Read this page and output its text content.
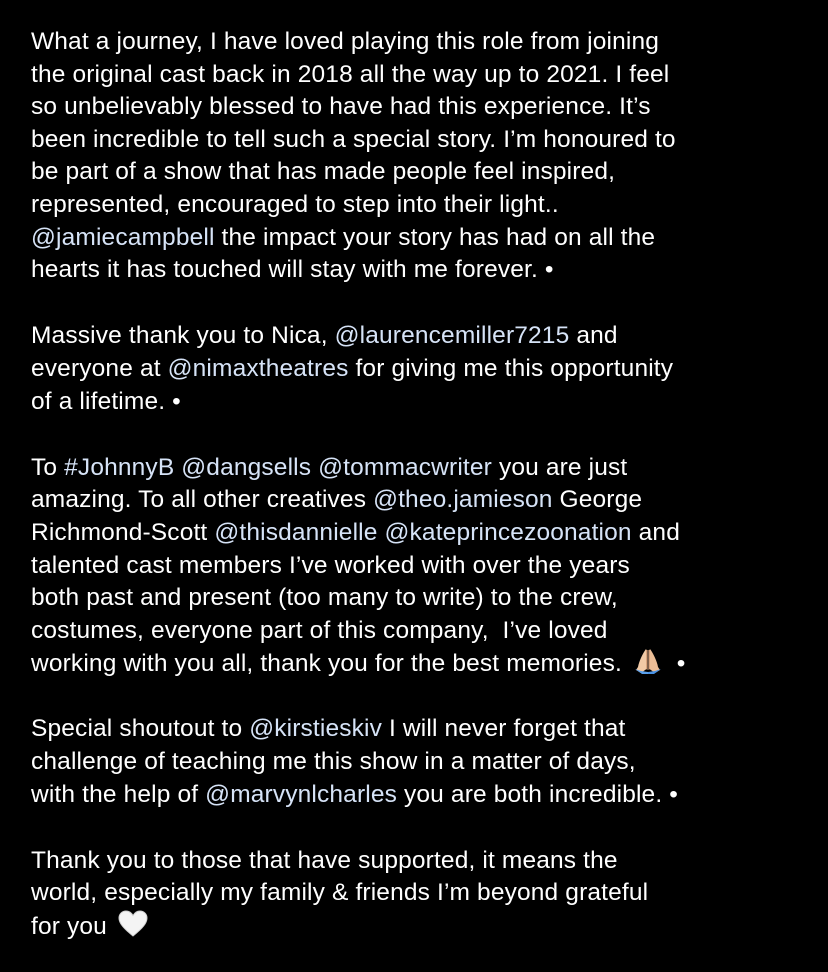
What a journey, I have loved playing this role from joining
the original cast back in 2018 all the way up to 2021. I feel
so unbelievably blessed to have had this experience. It’s
been incredible to tell such a special story. I’m honoured to
be part of a show that has made people feel inspired,
represented, encouraged to step into their light..
@jamiecampbell the impact your story has had on all the
hearts it has touched will stay with me forever. •
Massive thank you to Nica, @laurencemiller7215 and
everyone at @nimaxtheatres for giving me this opportunity
of a lifetime. •
To #JohnnyB @dangsells @tommacwriter you are just
amazing. To all other creatives @theo.jamieson George
Richmond-Scott @thisdannielle @kateprincezoonation and
talented cast members I’ve worked with over the years
both past and present (too many to write) to the crew,
costumes, everyone part of this company,  I’ve loved
working with you all, thank you for the best memories.   •
Special shoutout to @kirstieskiv I will never forget that
challenge of teaching me this show in a matter of days,
with the help of @marvynlcharles you are both incredible. •
Thank you to those that have supported, it means the
world, especially my family & friends I’m beyond grateful
for you
